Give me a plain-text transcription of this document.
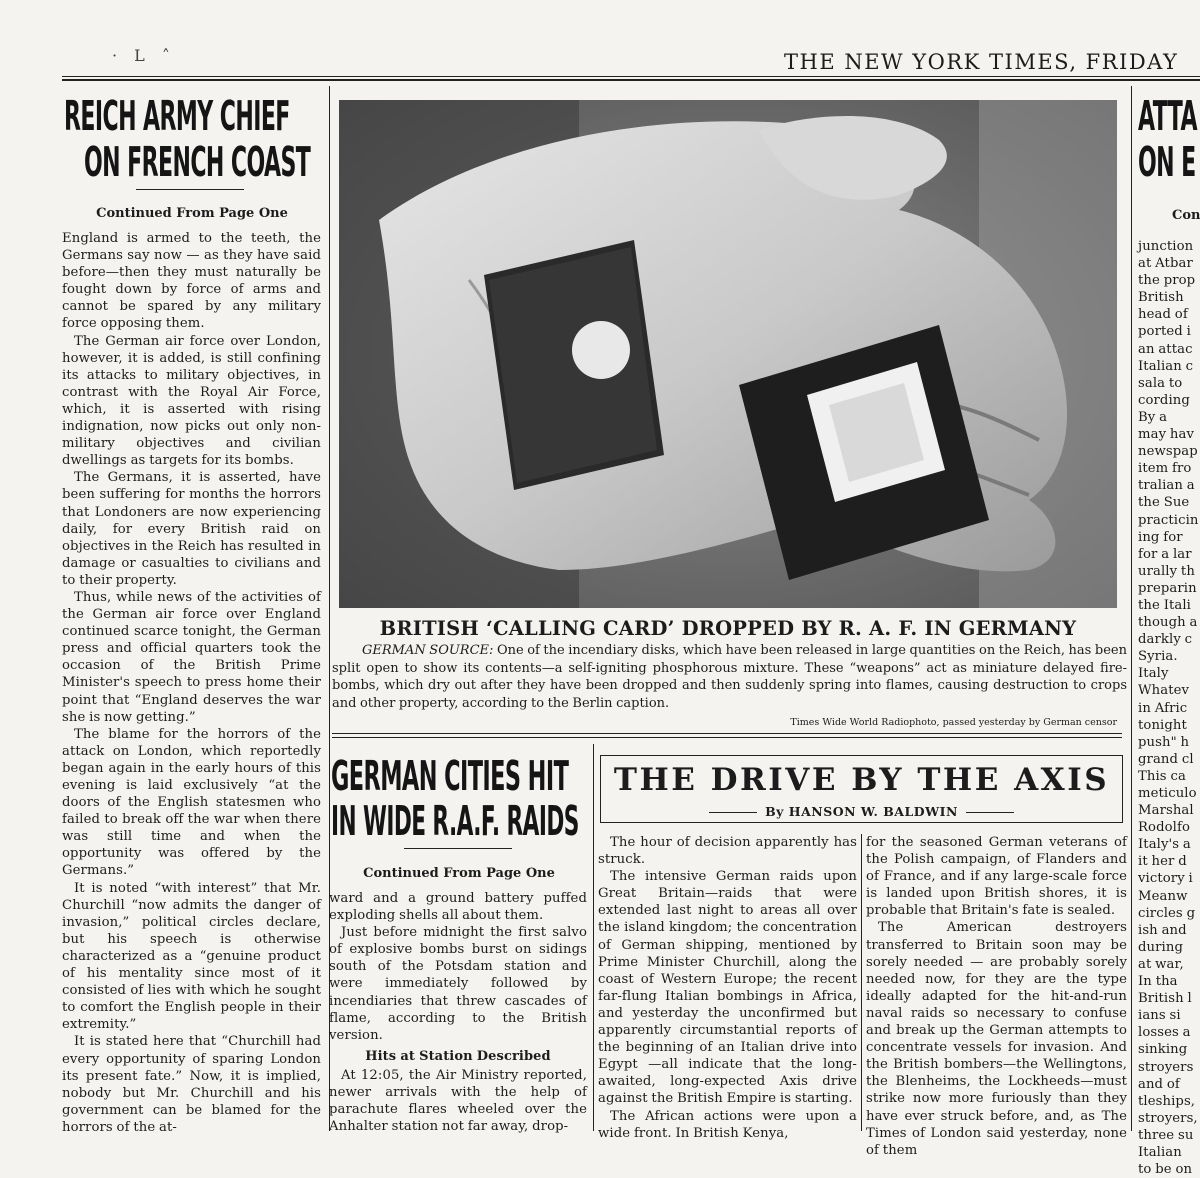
· L ˄	THE NEW YORK TIMES, FRIDAY
REICH ARMY CHIEF
ON FRENCH COAST
Continued From Page One

England is armed to the teeth, the Germans say now — as they have said before—then they must naturally be fought down by force of arms and cannot be spared by any military force opposing them.

The German air force over London, however, it is added, is still confining its attacks to military objectives, in contrast with the Royal Air Force, which, it is asserted with rising indignation, now picks out only non-military objectives and civilian dwellings as targets for its bombs.

The Germans, it is asserted, have been suffering for months the horrors that Londoners are now experiencing daily, for every British raid on objectives in the Reich has resulted in damage or casualties to civilians and to their property.

Thus, while news of the activities of the German air force over England continued scarce tonight, the German press and official quarters took the occasion of the British Prime Minister's speech to press home their point that “England deserves the war she is now getting.”

The blame for the horrors of the attack on London, which reportedly began again in the early hours of this evening is laid exclusively “at the doors of the English statesmen who failed to break off the war when there was still time and when the opportunity was offered by the Germans.”

It is noted “with interest” that Mr. Churchill “now admits the danger of invasion,” political circles declare, but his speech is otherwise characterized as a “genuine product of his mentality since most of it consisted of lies with which he sought to comfort the English people in their extremity.”

It is stated here that “Churchill had every opportunity of sparing London its present fate.” Now, it is implied, nobody but Mr. Churchill and his government can be blamed for the horrors of the at-

BRITISH ‘CALLING CARD’ DROPPED BY R. A. F. IN GERMANY
GERMAN SOURCE: One of the incendiary disks, which have been released in large quantities on the Reich, has been split open to show its contents—a self-igniting phosphorous mixture. These “weapons” act as miniature delayed fire-bombs, which dry out after they have been dropped and then suddenly spring into flames, causing destruction to crops and other property, according to the Berlin caption.
Times Wide World Radiophoto, passed yesterday by German censor
GERMAN CITIES HIT
IN WIDE R.A.F. RAIDS
Continued From Page One

ward and a ground battery puffed exploding shells all about them.

Just before midnight the first salvo of explosive bombs burst on sidings south of the Potsdam station and were immediately followed by incendiaries that threw cascades of flame, according to the British version.

Hits at Station Described

At 12:05, the Air Ministry reported, newer arrivals with the help of parachute flares wheeled over the Anhalter station not far away, drop-

THE DRIVE BY THE AXIS
By HANSON W. BALDWIN

The hour of decision apparently has struck.

The intensive German raids upon Great Britain—raids that were extended last night to areas all over the island kingdom; the concentration of German shipping, mentioned by Prime Minister Churchill, along the coast of Western Europe; the recent far-flung Italian bombings in Africa, and yesterday the unconfirmed but apparently circumstantial reports of the beginning of an Italian drive into Egypt —all indicate that the long-awaited, long-expected Axis drive against the British Empire is starting.

The African actions were upon a wide front. In British Kenya,

for the seasoned German veterans of the Polish campaign, of Flanders and of France, and if any large-scale force is landed upon British shores, it is probable that Britain's fate is sealed.

The American destroyers transferred to Britain soon may be sorely needed — are probably sorely needed now, for they are the type ideally adapted for the hit-and-run naval raids so necessary to confuse and break up the German attempts to concentrate vessels for invasion. And the British bombers—the Wellingtons, the Blenheims, the Lockheeds—must strike now more furiously than they have ever struck before, and, as The Times of London said yesterday, none of them

ATTA
ON E
Con
junction
at Atbar
the prop
British
head of
ported i
an attac
Italian c
sala to
cording
By a
may hav
newspap
item fro
tralian a
the Sue
practicin
ing for
for a lar
urally th
preparin
the Itali
though a
darkly c
Syria.
Italy
Whatev
in Afric
tonight
push" h
grand cl
This ca
meticulo
Marshal
Rodolfo
Italy's a
it her d
victory i
Meanw
circles g
ish and
during
at war,
In tha
British l
ians si
losses a
sinking
stroyers
and of
tleships,
stroyers,
three su
Italian
to be on
